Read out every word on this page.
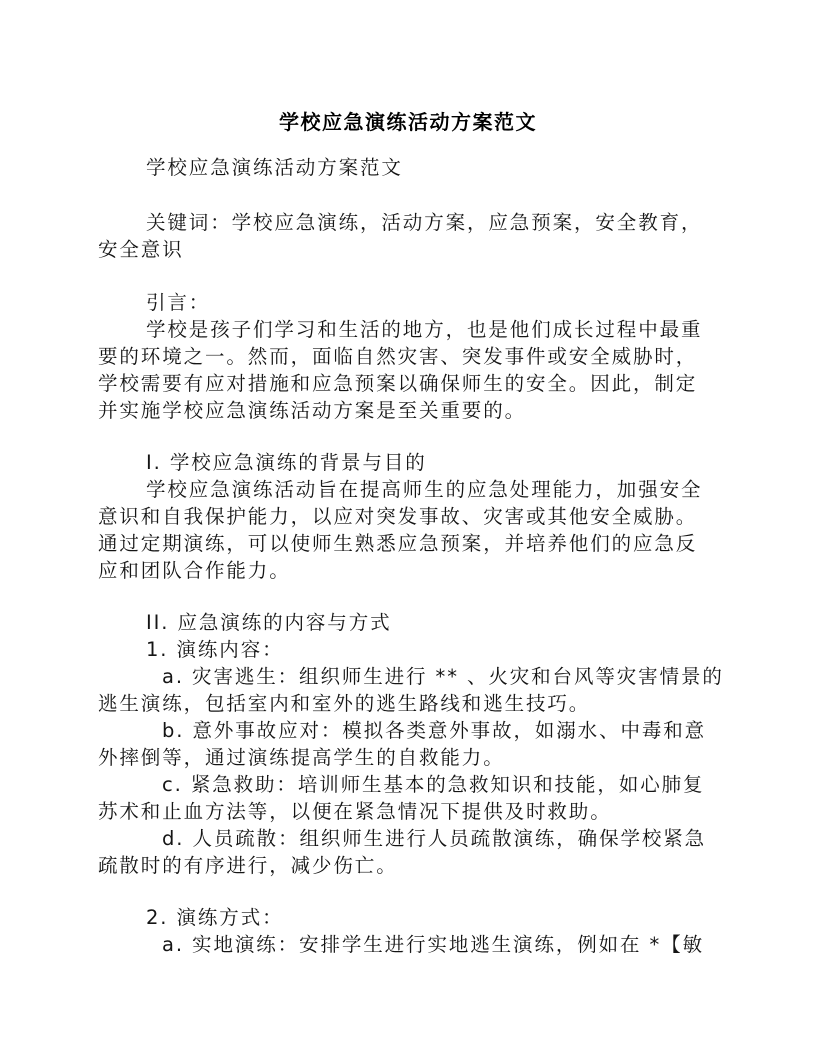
学校应急演练活动方案范文
学校应急演练活动方案范文
关键词：学校应急演练，活动方案，应急预案，安全教育，
安全意识
引言：
学校是孩子们学习和生活的地方，也是他们成长过程中最重
要的环境之一。然而，面临自然灾害、突发事件或安全威胁时，
学校需要有应对措施和应急预案以确保师生的安全。因此，制定
并实施学校应急演练活动方案是至关重要的。
I. 学校应急演练的背景与目的
学校应急演练活动旨在提高师生的应急处理能力，加强安全
意识和自我保护能力，以应对突发事故、灾害或其他安全威胁。
通过定期演练，可以使师生熟悉应急预案，并培养他们的应急反
应和团队合作能力。
II. 应急演练的内容与方式
1. 演练内容：
a. 灾害逃生：组织师生进行 ** 、火灾和台风等灾害情景的
逃生演练，包括室内和室外的逃生路线和逃生技巧。
b. 意外事故应对：模拟各类意外事故，如溺水、中毒和意
外摔倒等，通过演练提高学生的自救能力。
c. 紧急救助：培训师生基本的急救知识和技能，如心肺复
苏术和止血方法等，以便在紧急情况下提供及时救助。
d. 人员疏散：组织师生进行人员疏散演练，确保学校紧急
疏散时的有序进行，减少伤亡。
2. 演练方式：
a. 实地演练：安排学生进行实地逃生演练，例如在 *【敏
